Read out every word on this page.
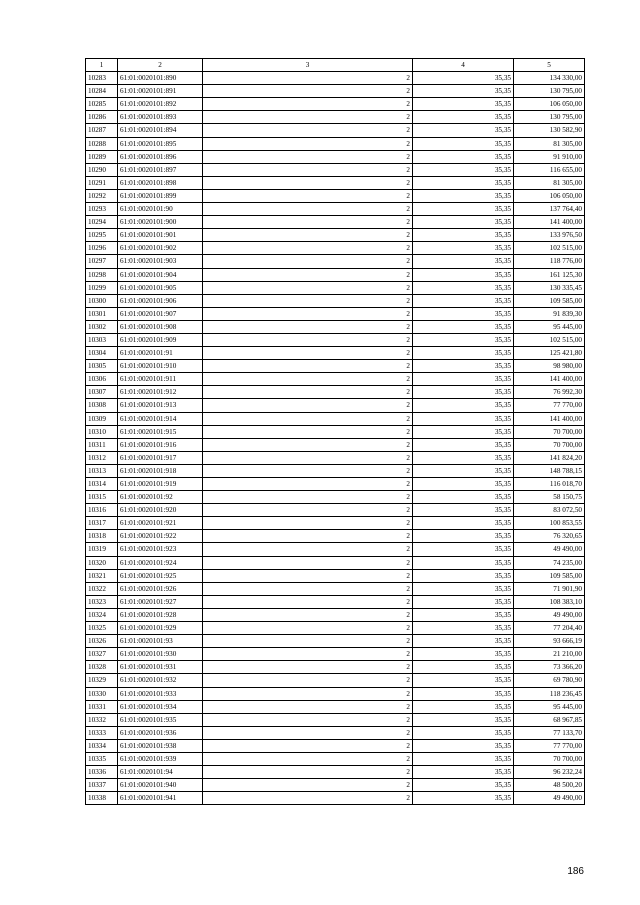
1	2	3	4	5
10283	61:01:0020101:890	2	35,35	134 330,00
10284	61:01:0020101:891	2	35,35	130 795,00
10285	61:01:0020101:892	2	35,35	106 050,00
10286	61:01:0020101:893	2	35,35	130 795,00
10287	61:01:0020101:894	2	35,35	130 582,90
10288	61:01:0020101:895	2	35,35	81 305,00
10289	61:01:0020101:896	2	35,35	91 910,00
10290	61:01:0020101:897	2	35,35	116 655,00
10291	61:01:0020101:898	2	35,35	81 305,00
10292	61:01:0020101:899	2	35,35	106 050,00
10293	61:01:0020101:90	2	35,35	137 764,40
10294	61:01:0020101:900	2	35,35	141 400,00
10295	61:01:0020101:901	2	35,35	133 976,50
10296	61:01:0020101:902	2	35,35	102 515,00
10297	61:01:0020101:903	2	35,35	118 776,00
10298	61:01:0020101:904	2	35,35	161 125,30
10299	61:01:0020101:905	2	35,35	130 335,45
10300	61:01:0020101:906	2	35,35	109 585,00
10301	61:01:0020101:907	2	35,35	91 839,30
10302	61:01:0020101:908	2	35,35	95 445,00
10303	61:01:0020101:909	2	35,35	102 515,00
10304	61:01:0020101:91	2	35,35	125 421,80
10305	61:01:0020101:910	2	35,35	98 980,00
10306	61:01:0020101:911	2	35,35	141 400,00
10307	61:01:0020101:912	2	35,35	76 992,30
10308	61:01:0020101:913	2	35,35	77 770,00
10309	61:01:0020101:914	2	35,35	141 400,00
10310	61:01:0020101:915	2	35,35	70 700,00
10311	61:01:0020101:916	2	35,35	70 700,00
10312	61:01:0020101:917	2	35,35	141 824,20
10313	61:01:0020101:918	2	35,35	148 788,15
10314	61:01:0020101:919	2	35,35	116 018,70
10315	61:01:0020101:92	2	35,35	58 150,75
10316	61:01:0020101:920	2	35,35	83 072,50
10317	61:01:0020101:921	2	35,35	100 853,55
10318	61:01:0020101:922	2	35,35	76 320,65
10319	61:01:0020101:923	2	35,35	49 490,00
10320	61:01:0020101:924	2	35,35	74 235,00
10321	61:01:0020101:925	2	35,35	109 585,00
10322	61:01:0020101:926	2	35,35	71 901,90
10323	61:01:0020101:927	2	35,35	108 383,10
10324	61:01:0020101:928	2	35,35	49 490,00
10325	61:01:0020101:929	2	35,35	77 204,40
10326	61:01:0020101:93	2	35,35	93 666,19
10327	61:01:0020101:930	2	35,35	21 210,00
10328	61:01:0020101:931	2	35,35	73 366,20
10329	61:01:0020101:932	2	35,35	69 780,90
10330	61:01:0020101:933	2	35,35	118 236,45
10331	61:01:0020101:934	2	35,35	95 445,00
10332	61:01:0020101:935	2	35,35	68 967,85
10333	61:01:0020101:936	2	35,35	77 133,70
10334	61:01:0020101:938	2	35,35	77 770,00
10335	61:01:0020101:939	2	35,35	70 700,00
10336	61:01:0020101:94	2	35,35	96 232,24
10337	61:01:0020101:940	2	35,35	48 500,20
10338	61:01:0020101:941	2	35,35	49 490,00
186
